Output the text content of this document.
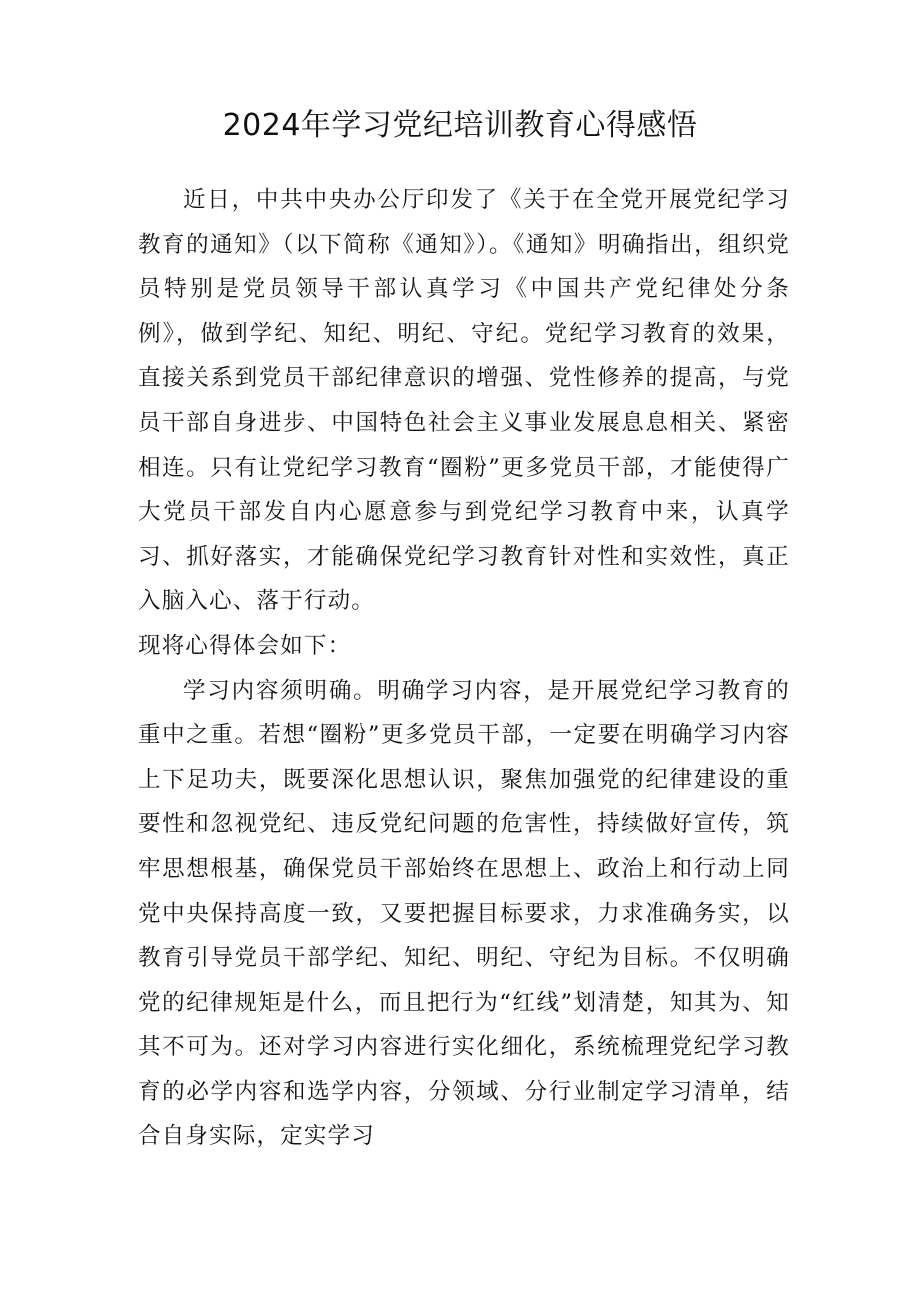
2024年学习党纪培训教育心得感悟

近日，中共中央办公厅印发了《关于在全党开展党纪学习教育的通知》（以下简称《通知》）。《通知》明确指出，组织党员特别是党员领导干部认真学习《中国共产党纪律处分条例》，做到学纪、知纪、明纪、守纪。党纪学习教育的效果，直接关系到党员干部纪律意识的增强、党性修养的提高，与党员干部自身进步、中国特色社会主义事业发展息息相关、紧密相连。只有让党纪学习教育“圈粉”更多党员干部，才能使得广大党员干部发自内心愿意参与到党纪学习教育中来，认真学习、抓好落实，才能确保党纪学习教育针对性和实效性，真正入脑入心、落于行动。

现将心得体会如下：

学习内容须明确。明确学习内容，是开展党纪学习教育的重中之重。若想“圈粉”更多党员干部，一定要在明确学习内容上下足功夫，既要深化思想认识，聚焦加强党的纪律建设的重要性和忽视党纪、违反党纪问题的危害性，持续做好宣传，筑牢思想根基，确保党员干部始终在思想上、政治上和行动上同党中央保持高度一致，又要把握目标要求，力求准确务实，以教育引导党员干部学纪、知纪、明纪、守纪为目标。不仅明确党的纪律规矩是什么，而且把行为“红线”划清楚，知其为、知其不可为。还对学习内容进行实化细化，系统梳理党纪学习教育的必学内容和选学内容，分领域、分行业制定学习清单，结合自身实际，定实学习
